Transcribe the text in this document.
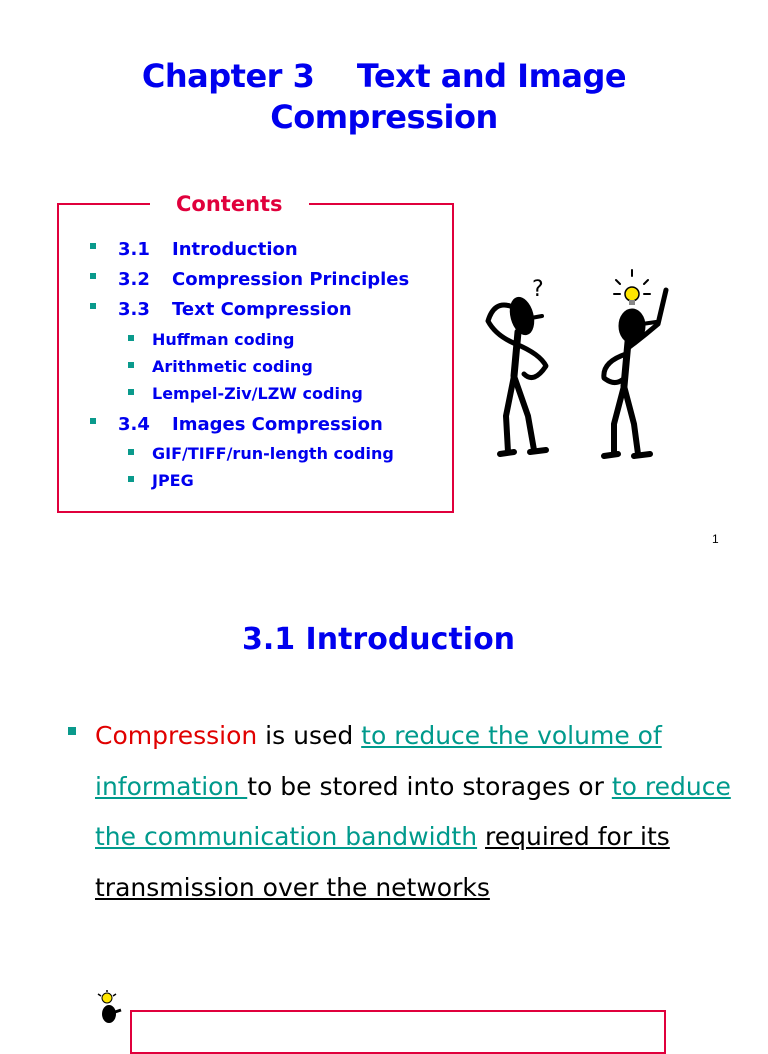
Chapter 3    Text and Image
Compression
Contents
3.1 Introduction
3.2 Compression Principles
3.3 Text Compression
Huffman coding
Arithmetic coding
Lempel-Ziv/LZW coding
3.4 Images Compression
GIF/TIFF/run-length coding
JPEG
?
1
3.1 Introduction
Compression is used to reduce the volume of information to be stored into storages or to reduce the communication bandwidth required for its transmission over the networks
